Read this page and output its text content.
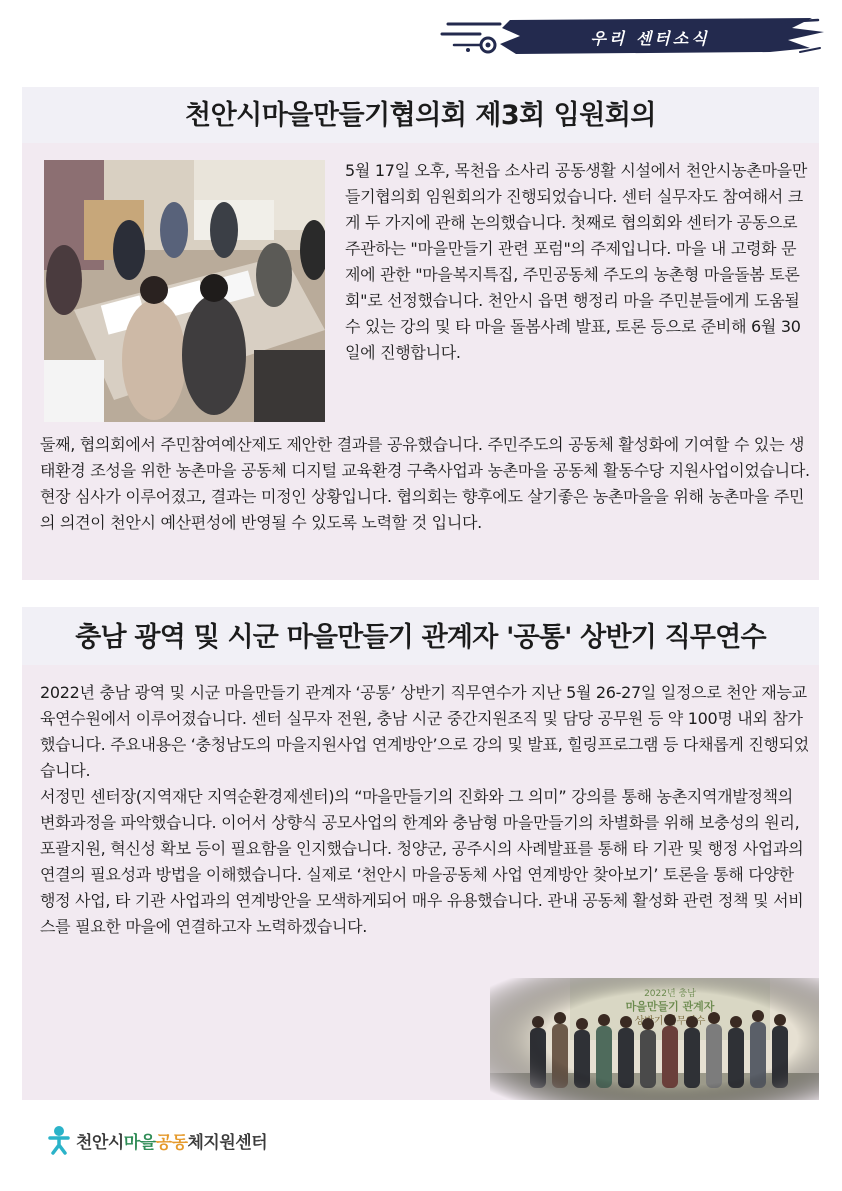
우리 센터소식
천안시마을만들기협의회 제3회 임원회의
5월 17일 오후, 목천읍 소사리 공동생활 시설에서 천안시농촌마을만들기협의회 임원회의가 진행되었습니다. 센터 실무자도 참여해서 크게 두 가지에 관해 논의했습니다. 첫째로 협의회와 센터가 공동으로 주관하는 "마을만들기 관련 포럼"의 주제입니다. 마을 내 고령화 문제에 관한 "마을복지특집, 주민공동체 주도의 농촌형 마을돌봄 토론회"로 선정했습니다. 천안시 읍면 행정리 마을 주민분들에게 도움될 수 있는 강의 및 타 마을 돌봄사례 발표, 토론 등으로 준비해 6월 30일에 진행합니다.
둘째, 협의회에서 주민참여예산제도 제안한 결과를 공유했습니다. 주민주도의 공동체 활성화에 기여할 수 있는 생태환경 조성을 위한 농촌마을 공동체 디지털 교육환경 구축사업과 농촌마을 공동체 활동수당 지원사업이었습니다. 현장 심사가 이루어졌고, 결과는 미정인 상황입니다. 협의회는 향후에도 살기좋은 농촌마을을 위해 농촌마을 주민의 의견이 천안시 예산편성에 반영될 수 있도록 노력할 것 입니다.
충남 광역 및 시군 마을만들기 관계자 '공통' 상반기 직무연수
2022년 충남 광역 및 시군 마을만들기 관계자 ‘공통’ 상반기 직무연수가 지난 5월 26-27일 일정으로 천안 재능교육연수원에서 이루어졌습니다. 센터 실무자 전원, 충남 시군 중간지원조직 및 담당 공무원 등 약 100명 내외 참가 했습니다. 주요내용은 ‘충청남도의 마을지원사업 연계방안’으로 강의 및 발표, 힐링프로그램 등 다채롭게 진행되었습니다.
서정민 센터장(지역재단 지역순환경제센터)의 “마을만들기의 진화와 그 의미” 강의를 통해 농촌지역개발정책의 변화과정을 파악했습니다. 이어서 상향식 공모사업의 한계와 충남형 마을만들기의 차별화를 위해 보충성의 원리, 포괄지원, 혁신성 확보 등이 필요함을 인지했습니다. 청양군, 공주시의 사례발표를 통해 타 기관 및 행정 사업과의 연결의 필요성과 방법을 이해했습니다. 실제로 ‘천안시 마을공동체 사업 연계방안 찾아보기’ 토론을 통해 다양한 행정 사업, 타 기관 사업과의 연계방안을 모색하게되어 매우 유용했습니다. 관내 공동체 활성화 관련 정책 및 서비스를 필요한 마을에 연결하고자 노력하겠습니다.
천안시마을공동체지원센터
